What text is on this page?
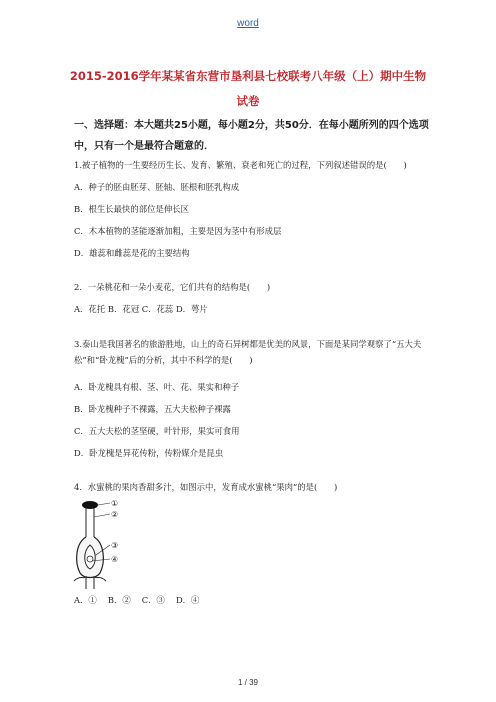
word
2015-2016学年某某省东营市垦利县七校联考八年级（上）期中生物
试卷
一、选择题：本大题共25小题，每小题2分，共50分．在每小题所列的四个选项中，只有一个是最符合题意的．
1.被子植物的一生要经历生长、发育、繁殖、衰老和死亡的过程，下列叙述错误的是(　　)
A．种子的胚由胚芽、胚轴、胚根和胚乳构成
B．根生长最快的部位是伸长区
C．木本植物的茎能逐渐加粗，主要是因为茎中有形成层
D．雄蕊和雌蕊是花的主要结构
2．一朵桃花和一朵小麦花，它们共有的结构是(　　)
A．花托 B．花冠 C．花蕊 D．萼片
3.泰山是我国著名的旅游胜地，山上的奇石异树都是优美的风景，下面是某同学观察了“五大夫松”和“卧龙槐”后的分析，其中不科学的是(　　)
A．卧龙槐具有根、茎、叶、花、果实和种子
B．卧龙槐种子不裸露，五大夫松种子裸露
C．五大夫松的茎坚硬，叶针形，果实可食用
D．卧龙槐是异花传粉，传粉媒介是昆虫
4．水蜜桃的果肉香甜多汁，如图示中，发育成水蜜桃“果肉”的是(　　)
①
②
③
④
A．①　 B．②　 C．③　 D．④
1 / 39
